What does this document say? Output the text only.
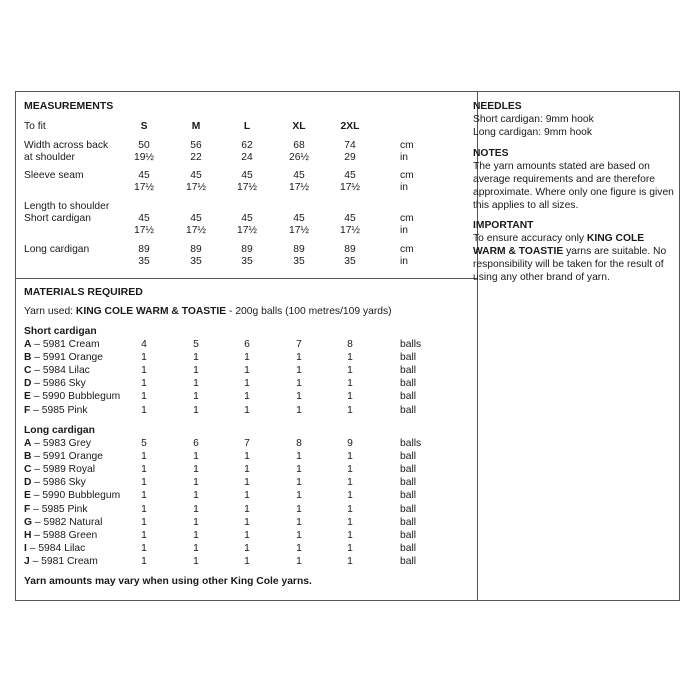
MEASUREMENTS
To fit	S	M	L	XL	2XL
Width across back
at shoulder
50	56	62	68	74	cm
19½	22	24	26½	29	in
Sleeve seam	45	45	45	45	45	cm
17½	17½	17½	17½	17½	in
Length to shoulder
Short cardigan	45	45	45	45	45	cm
17½	17½	17½	17½	17½	in
Long cardigan	89	89	89	89	89	cm
35	35	35	35	35	in
MATERIALS REQUIRED
Yarn used: KING COLE WARM & TOASTIE - 200g balls (100 metres/109 yards)
Short cardigan
A – 5981 Cream	4	5	6	7	8	balls
B – 5991 Orange	1	1	1	1	1	ball
C – 5984 Lilac	1	1	1	1	1	ball
D – 5986 Sky	1	1	1	1	1	ball
E – 5990 Bubblegum	1	1	1	1	1	ball
F – 5985 Pink	1	1	1	1	1	ball
Long cardigan
A – 5983 Grey	5	6	7	8	9	balls
B – 5991 Orange	1	1	1	1	1	ball
C – 5989 Royal	1	1	1	1	1	ball
D – 5986 Sky	1	1	1	1	1	ball
E – 5990 Bubblegum	1	1	1	1	1	ball
F – 5985 Pink	1	1	1	1	1	ball
G – 5982 Natural	1	1	1	1	1	ball
H – 5988 Green	1	1	1	1	1	ball
I – 5984 Lilac	1	1	1	1	1	ball
J – 5981 Cream	1	1	1	1	1	ball
Yarn amounts may vary when using other King Cole yarns.

NEEDLES

Short cardigan: 9mm hook

Long cardigan: 9mm hook

NOTES

The yarn amounts stated are based on average requirements and are therefore approximate. Where only one figure is given this applies to all sizes.

IMPORTANT

To ensure accuracy only KING COLE WARM & TOASTIE yarns are suitable. No responsibility will be taken for the result of using any other brand of yarn.
